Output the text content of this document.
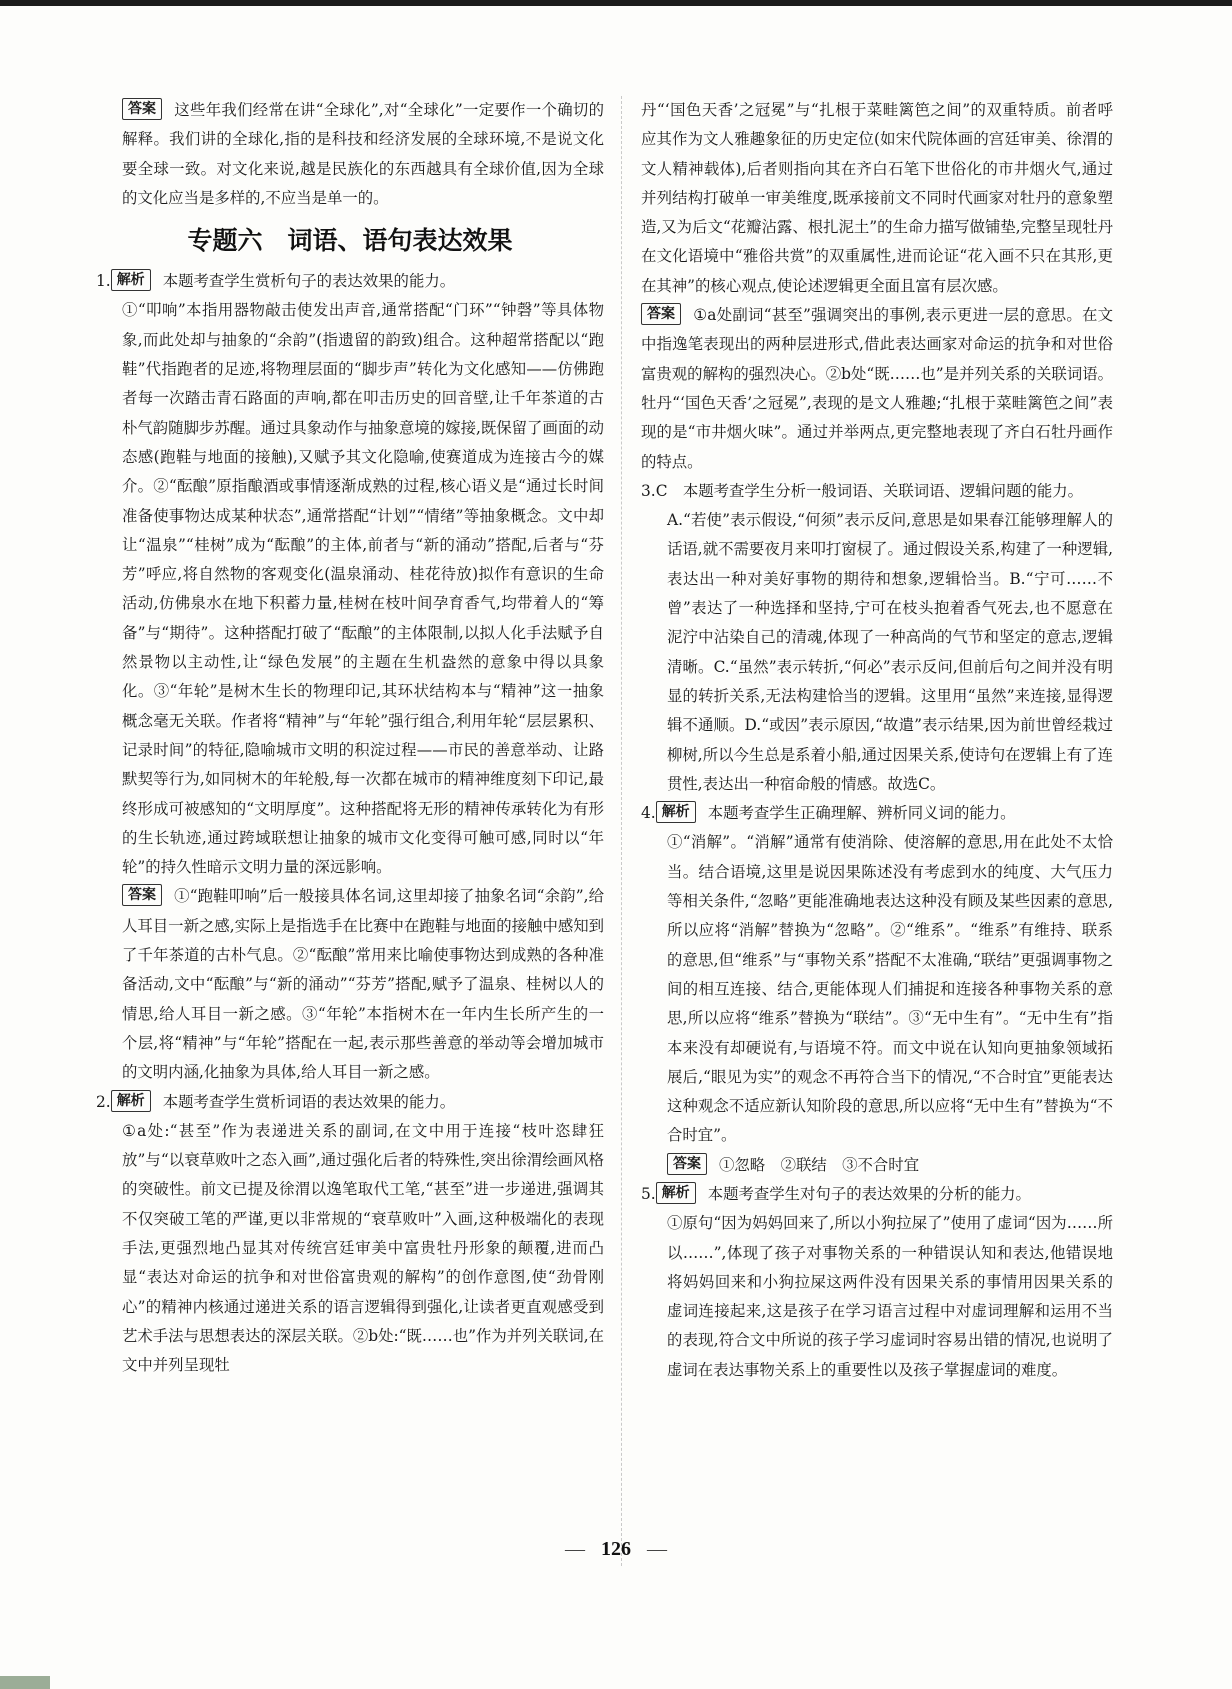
答案 这些年我们经常在讲“全球化”,对“全球化”一定要作一个确切的解释。我们讲的全球化,指的是科技和经济发展的全球环境,不是说文化要全球一致。对文化来说,越是民族化的东西越具有全球价值,因为全球的文化应当是多样的,不应当是单一的。

专题六　词语、语句表达效果

1. 解析 本题考查学生赏析句子的表达效果的能力。

①“叩响”本指用器物敲击使发出声音,通常搭配“门环”“钟磬”等具体物象,而此处却与抽象的“余韵”(指遗留的韵致)组合。这种超常搭配以“跑鞋”代指跑者的足迹,将物理层面的“脚步声”转化为文化感知——仿佛跑者每一次踏击青石路面的声响,都在叩击历史的回音壁,让千年茶道的古朴气韵随脚步苏醒。通过具象动作与抽象意境的嫁接,既保留了画面的动态感(跑鞋与地面的接触),又赋予其文化隐喻,使赛道成为连接古今的媒介。②“酝酿”原指酿酒或事情逐渐成熟的过程,核心语义是“通过长时间准备使事物达成某种状态”,通常搭配“计划”“情绪”等抽象概念。文中却让“温泉”“桂树”成为“酝酿”的主体,前者与“新的涌动”搭配,后者与“芬芳”呼应,将自然物的客观变化(温泉涌动、桂花待放)拟作有意识的生命活动,仿佛泉水在地下积蓄力量,桂树在枝叶间孕育香气,均带着人的“筹备”与“期待”。这种搭配打破了“酝酿”的主体限制,以拟人化手法赋予自然景物以主动性,让“绿色发展”的主题在生机盎然的意象中得以具象化。③“年轮”是树木生长的物理印记,其环状结构本与“精神”这一抽象概念毫无关联。作者将“精神”与“年轮”强行组合,利用年轮“层层累积、记录时间”的特征,隐喻城市文明的积淀过程——市民的善意举动、让路默契等行为,如同树木的年轮般,每一次都在城市的精神维度刻下印记,最终形成可被感知的“文明厚度”。这种搭配将无形的精神传承转化为有形的生长轨迹,通过跨域联想让抽象的城市文化变得可触可感,同时以“年轮”的持久性暗示文明力量的深远影响。

答案 ①“跑鞋叩响”后一般接具体名词,这里却接了抽象名词“余韵”,给人耳目一新之感,实际上是指选手在比赛中在跑鞋与地面的接触中感知到了千年茶道的古朴气息。②“酝酿”常用来比喻使事物达到成熟的各种准备活动,文中“酝酿”与“新的涌动”“芬芳”搭配,赋予了温泉、桂树以人的情思,给人耳目一新之感。③“年轮”本指树木在一年内生长所产生的一个层,将“精神”与“年轮”搭配在一起,表示那些善意的举动等会增加城市的文明内涵,化抽象为具体,给人耳目一新之感。

2. 解析 本题考查学生赏析词语的表达效果的能力。

①a处:“甚至”作为表递进关系的副词,在文中用于连接“枝叶恣肆狂放”与“以衰草败叶之态入画”,通过强化后者的特殊性,突出徐渭绘画风格的突破性。前文已提及徐渭以逸笔取代工笔,“甚至”进一步递进,强调其不仅突破工笔的严谨,更以非常规的“衰草败叶”入画,这种极端化的表现手法,更强烈地凸显其对传统宫廷审美中富贵牡丹形象的颠覆,进而凸显“表达对命运的抗争和对世俗富贵观的解构”的创作意图,使“劲骨刚心”的精神内核通过递进关系的语言逻辑得到强化,让读者更直观感受到艺术手法与思想表达的深层关联。②b处:“既……也”作为并列关联词,在文中并列呈现牡

丹“‘国色天香’之冠冕”与“扎根于菜畦篱笆之间”的双重特质。前者呼应其作为文人雅趣象征的历史定位(如宋代院体画的宫廷审美、徐渭的文人精神载体),后者则指向其在齐白石笔下世俗化的市井烟火气,通过并列结构打破单一审美维度,既承接前文不同时代画家对牡丹的意象塑造,又为后文“花瓣沾露、根扎泥土”的生命力描写做铺垫,完整呈现牡丹在文化语境中“雅俗共赏”的双重属性,进而论证“花入画不只在其形,更在其神”的核心观点,使论述逻辑更全面且富有层次感。

答案 ①a处副词“甚至”强调突出的事例,表示更进一层的意思。在文中指逸笔表现出的两种层进形式,借此表达画家对命运的抗争和对世俗富贵观的解构的强烈决心。②b处“既……也”是并列关系的关联词语。牡丹“‘国色天香’之冠冕”,表现的是文人雅趣;“扎根于菜畦篱笆之间”表现的是“市井烟火味”。通过并举两点,更完整地表现了齐白石牡丹画作的特点。

3.C　本题考查学生分析一般词语、关联词语、逻辑问题的能力。

A.“若使”表示假设,“何须”表示反问,意思是如果春江能够理解人的话语,就不需要夜月来叩打窗棂了。通过假设关系,构建了一种逻辑,表达出一种对美好事物的期待和想象,逻辑恰当。B.“宁可……不曾”表达了一种选择和坚持,宁可在枝头抱着香气死去,也不愿意在泥泞中沾染自己的清魂,体现了一种高尚的气节和坚定的意志,逻辑清晰。C.“虽然”表示转折,“何必”表示反问,但前后句之间并没有明显的转折关系,无法构建恰当的逻辑。这里用“虽然”来连接,显得逻辑不通顺。D.“或因”表示原因,“故遣”表示结果,因为前世曾经栽过柳树,所以今生总是系着小船,通过因果关系,使诗句在逻辑上有了连贯性,表达出一种宿命般的情感。故选C。

4. 解析 本题考查学生正确理解、辨析同义词的能力。

①“消解”。“消解”通常有使消除、使溶解的意思,用在此处不太恰当。结合语境,这里是说因果陈述没有考虑到水的纯度、大气压力等相关条件,“忽略”更能准确地表达这种没有顾及某些因素的意思,所以应将“消解”替换为“忽略”。②“维系”。“维系”有维持、联系的意思,但“维系”与“事物关系”搭配不太准确,“联结”更强调事物之间的相互连接、结合,更能体现人们捕捉和连接各种事物关系的意思,所以应将“维系”替换为“联结”。③“无中生有”。“无中生有”指本来没有却硬说有,与语境不符。而文中说在认知向更抽象领域拓展后,“眼见为实”的观念不再符合当下的情况,“不合时宜”更能表达这种观念不适应新认知阶段的意思,所以应将“无中生有”替换为“不合时宜”。

答案 ①忽略　②联结　③不合时宜

5. 解析 本题考查学生对句子的表达效果的分析的能力。

①原句“因为妈妈回来了,所以小狗拉屎了”使用了虚词“因为……所以……”,体现了孩子对事物关系的一种错误认知和表达,他错误地将妈妈回来和小狗拉屎这两件没有因果关系的事情用因果关系的虚词连接起来,这是孩子在学习语言过程中对虚词理解和运用不当的表现,符合文中所说的孩子学习虚词时容易出错的情况,也说明了虚词在表达事物关系上的重要性以及孩子掌握虚词的难度。

— 126 —
